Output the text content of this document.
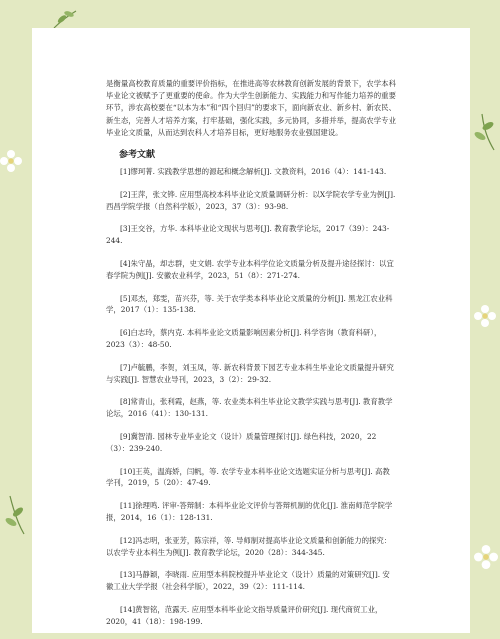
是衡量高校教育质量的重要评价指标，在推进高等农林教育创新发展的背景下，农学本科毕业论文被赋予了更重要的使命。作为大学生创新能力、实践能力和写作能力培养的重要环节，涉农高校要在“以本为本”和“四个回归”的要求下，面向新农业、新乡村、新农民、新生态，完善人才培养方案，打牢基础，强化实践，多元协同，多措并举，提高农学专业毕业论文质量，从而达到农科人才培养目标，更好地服务农业强国建设。

参考文献
[1]缪珂菁. 实践教学思想的源起和概念解析[J]. 文教资料，2016（4）：141-143.
[2]王萍，张文铧. 应用型高校本科毕业论文质量调研分析：以X学院农学专业为例[J]. 西昌学院学报（自然科学版），2023，37（3）：93-98.
[3]王交谷，方华. 本科毕业论文现状与思考[J]. 教育教学论坛，2017（39）：243-244.
[4]朱守晶，却志群，史文娟. 农学专业本科学位论文质量分析及提升途径探讨：以宜春学院为例[J]. 安徽农业科学，2023，51（8）：271-274.
[5]邓杰，郑雯，苗兴芬，等. 关于农学类本科毕业论文质量的分析[J]. 黑龙江农业科学，2017（1）：135-138.
[6]白志玲，蔡内克. 本科毕业论文质量影响因素分析[J]. 科学咨询（教育科研），2023（3）：48-50.
[7]卢毓鹏，李贺，刘玉凤，等. 新农科背景下园艺专业本科生毕业论文质量提升研究与实践[J]. 智慧农业导刊，2023，3（2）：29-32.
[8]常青山，张利霞，赵燕，等. 农业类本科生毕业论文教学实践与思考[J]. 教育教学论坛，2016（41）：130-131.
[9]冀智清. 园林专业毕业论文（设计）质量管理探讨[J]. 绿色科技，2020，22（3）：239-240.
[10]王英，温海娇，闫帆，等. 农学专业本科毕业论文选题实证分析与思考[J]. 高教学刊，2019，5（20）：47-49.
[11]徐理鸣. 评审-答辩制：本科毕业论文评价与答辩机制的优化[J]. 淮南师范学院学报，2014，16（1）：128-131.
[12]冯志明，张亚芳，陈宗祥，等. 导师制对提高毕业论文质量和创新能力的探究：以农学专业本科生为例[J]. 教育教学论坛，2020（28）：344-345.
[13]马静颖，李晓雨. 应用型本科院校提升毕业论文（设计）质量的对策研究[J]. 安徽工业大学学报（社会科学版），2022，39（2）：111-114.
[14]黄智铭，范露天. 应用型本科毕业论文指导质量评价研究[J]. 现代商贸工业，2020，41（18）：198-199.
